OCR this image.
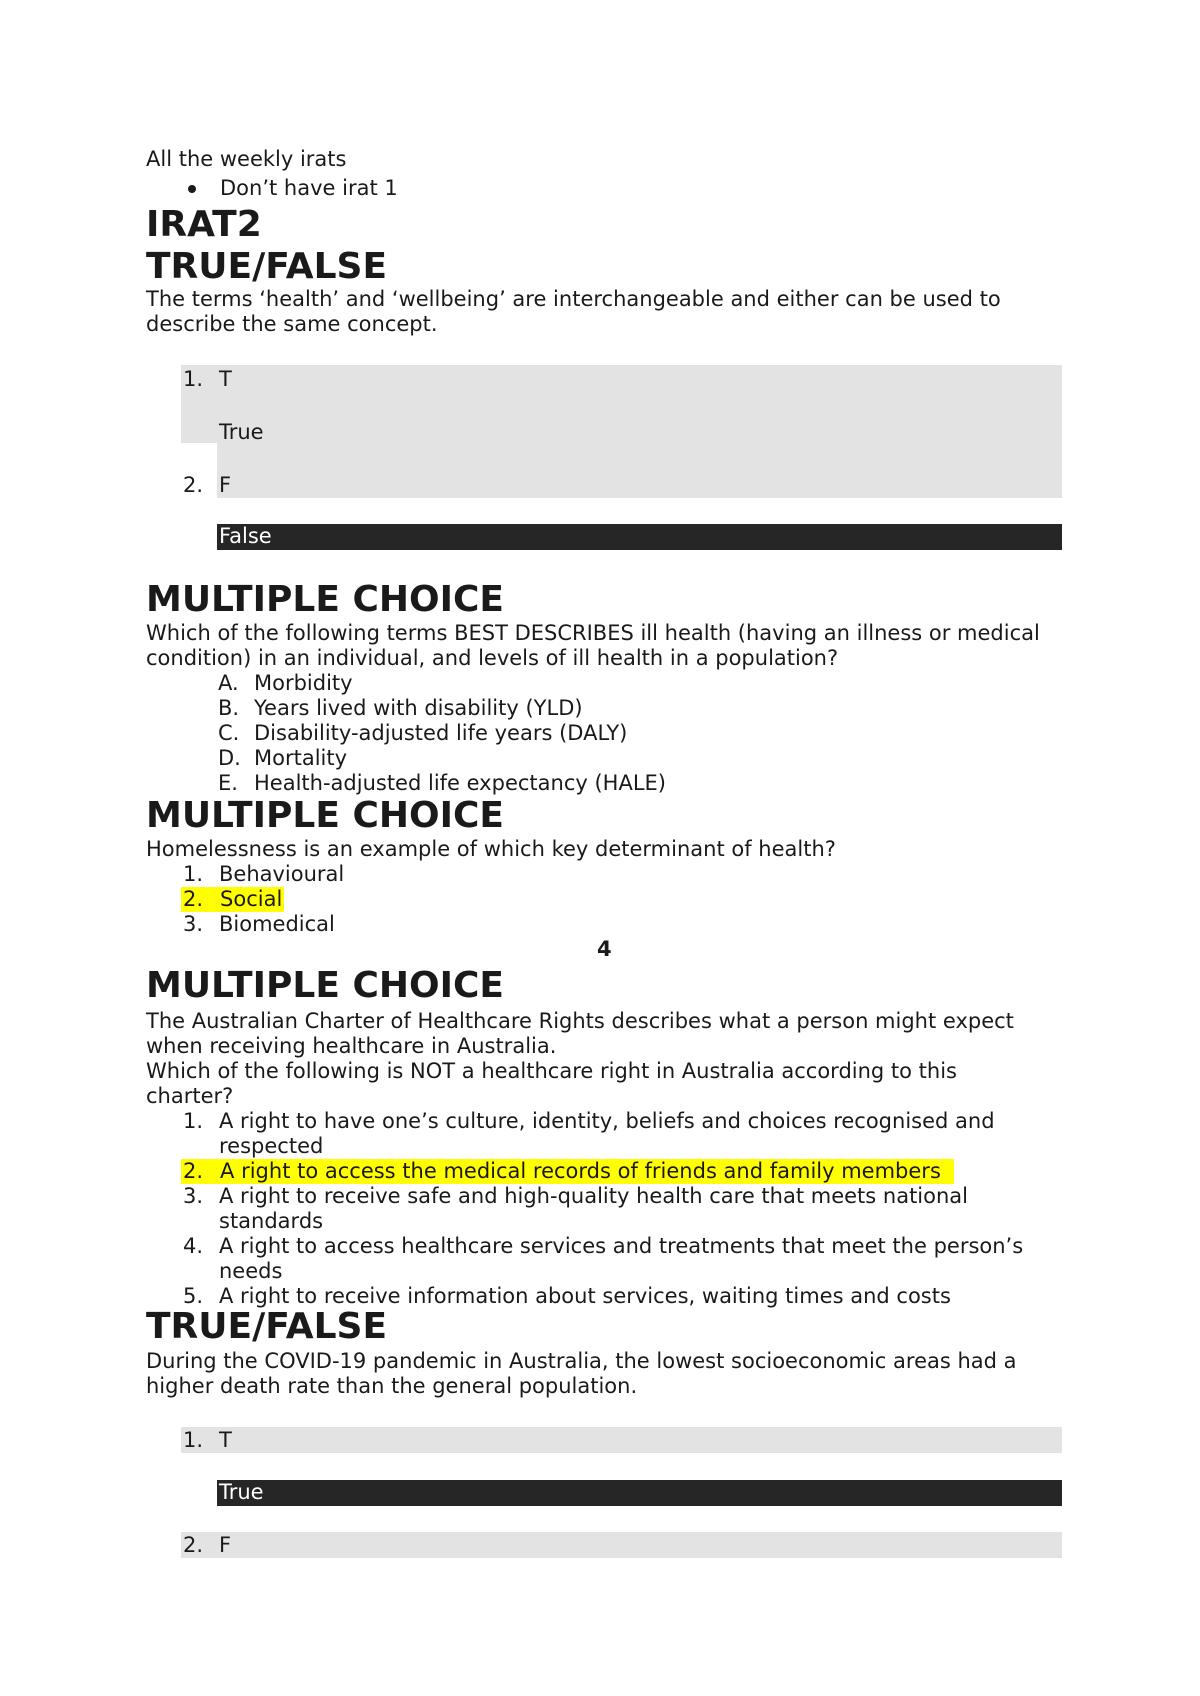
All the weekly irats
Don’t have irat 1
IRAT2
TRUE/FALSE
The terms ‘health’ and ‘wellbeing’ are interchangeable and either can be used to
describe the same concept.
1. T
True
2. F
False
MULTIPLE CHOICE
Which of the following terms BEST DESCRIBES ill health (having an illness or medical
condition) in an individual, and levels of ill health in a population?
A. Morbidity
B. Years lived with disability (YLD)
C. Disability-adjusted life years (DALY)
D. Mortality
E. Health-adjusted life expectancy (HALE)
MULTIPLE CHOICE
Homelessness is an example of which key determinant of health?
1. Behavioural
2. Social
3. Biomedical
4
MULTIPLE CHOICE
The Australian Charter of Healthcare Rights describes what a person might expect
when receiving healthcare in Australia.
Which of the following is NOT a healthcare right in Australia according to this
charter?
1. A right to have one’s culture, identity, beliefs and choices recognised and
respected
2. A right to access the medical records of friends and family members
3. A right to receive safe and high-quality health care that meets national
standards
4. A right to access healthcare services and treatments that meet the person’s
needs
5. A right to receive information about services, waiting times and costs
TRUE/FALSE
During the COVID-19 pandemic in Australia, the lowest socioeconomic areas had a
higher death rate than the general population.
1. T
True
2. F
